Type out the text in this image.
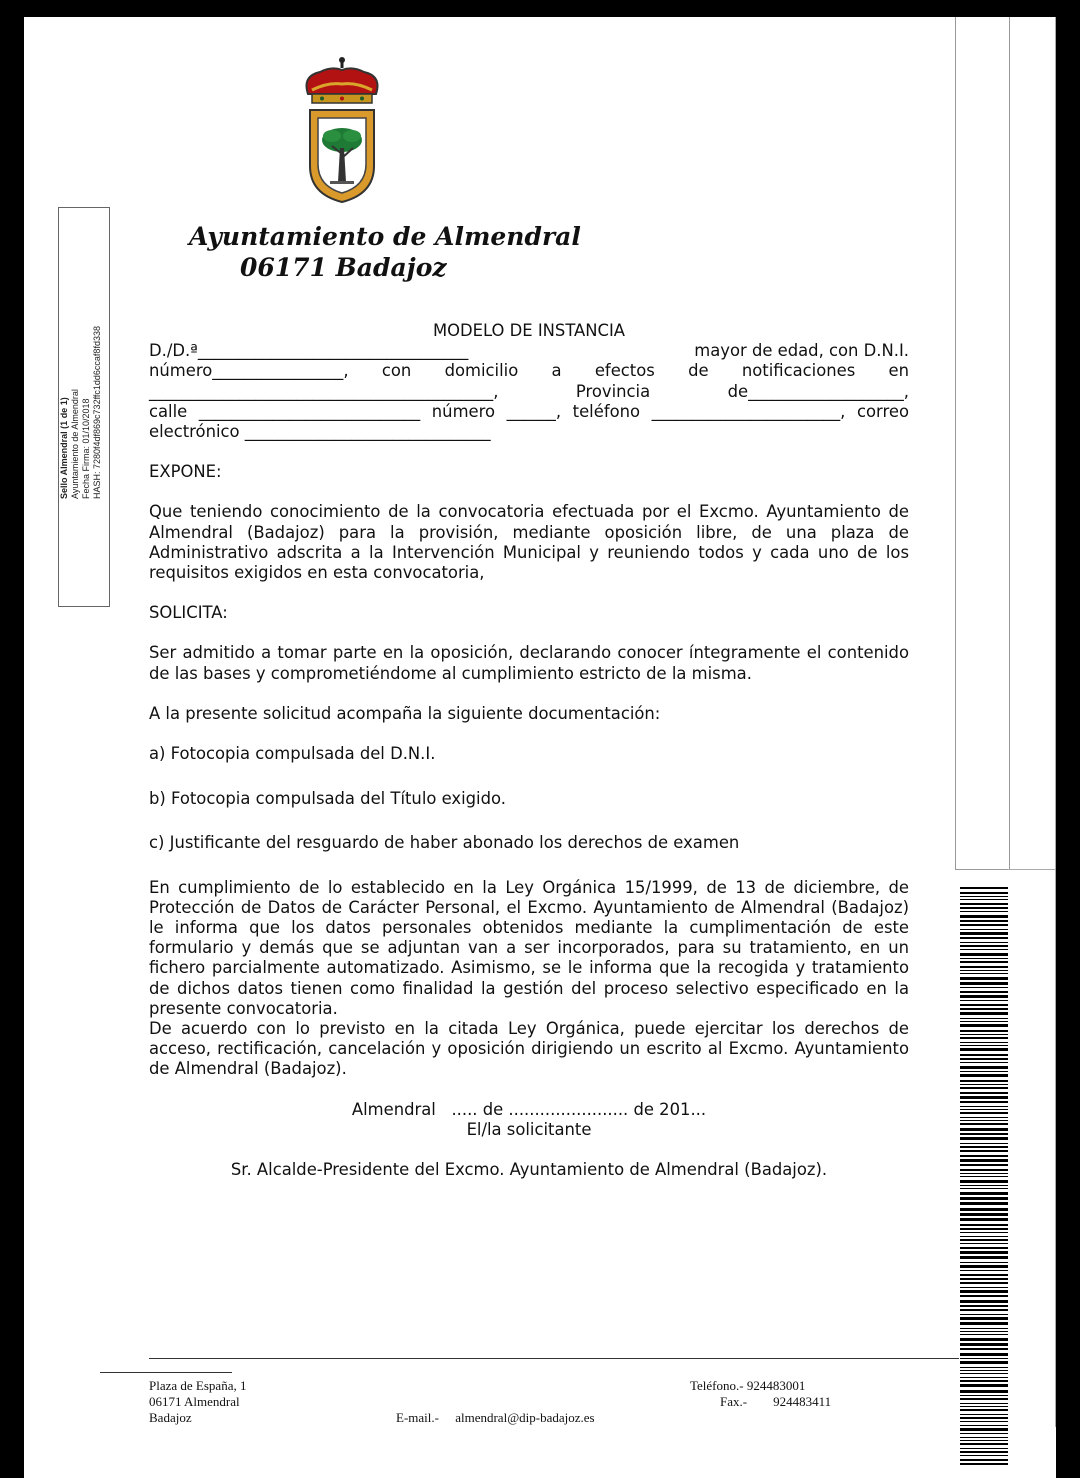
Ayuntamiento de Almendral
06171 Badajoz
Sello Almendral (1 de 1) Ayuntamiento de Almendral Fecha Firma: 01/10/2018 HASH: 7280f4df869c732ffc1dd6ccaf8fd338	MODELO DE INSTANCIA
D./D.ª_________________________________	mayor de edad, con D.N.I.
número________________, con domicilio a efectos de notificaciones en
__________________________________________, Provincia de___________________,
calle ___________________________ número ______, teléfono _______________________, correo
electrónico ______________________________
EXPONE:

Que teniendo conocimiento de la convocatoria efectuada por el Excmo. Ayuntamiento de Almendral (Badajoz) para la provisión, mediante oposición libre, de una plaza de Administrativo adscrita a la Intervención Municipal y reuniendo todos y cada uno de los requisitos exigidos en esta convocatoria,

SOLICITA:

Ser admitido a tomar parte en la oposición, declarando conocer íntegramente el contenido de las bases y comprometiéndome al cumplimiento estricto de la misma.

A la presente solicitud acompaña la siguiente documentación:
a) Fotocopia compulsada del D.N.I.
b) Fotocopia compulsada del Título exigido.
c) Justificante del resguardo de haber abonado los derechos de examen

En cumplimiento de lo establecido en la Ley Orgánica 15/1999, de 13 de diciembre, de Protección de Datos de Carácter Personal, el Excmo. Ayuntamiento de Almendral (Badajoz) le informa que los datos personales obtenidos mediante la cumplimentación de este formulario y demás que se adjuntan van a ser incorporados, para su tratamiento, en un fichero parcialmente automatizado. Asimismo, se le informa que la recogida y tratamiento de dichos datos tienen como finalidad la gestión del proceso selectivo especificado en la presente convocatoria.

De acuerdo con lo previsto en la citada Ley Orgánica, puede ejercitar los derechos de acceso, rectificación, cancelación y oposición dirigiendo un escrito al Excmo. Ayuntamiento de Almendral (Badajoz).

Almendral   ..... de ....................... de 201...
El/la solicitante
Sr. Alcalde-Presidente del Excmo. Ayuntamiento de Almendral (Badajoz).
Plaza de España, 1
06171 Almendral
Badajoz	E-mail.- almendral@dip-badajoz.es
Teléfono.- 924483001
Fax.- 924483411
